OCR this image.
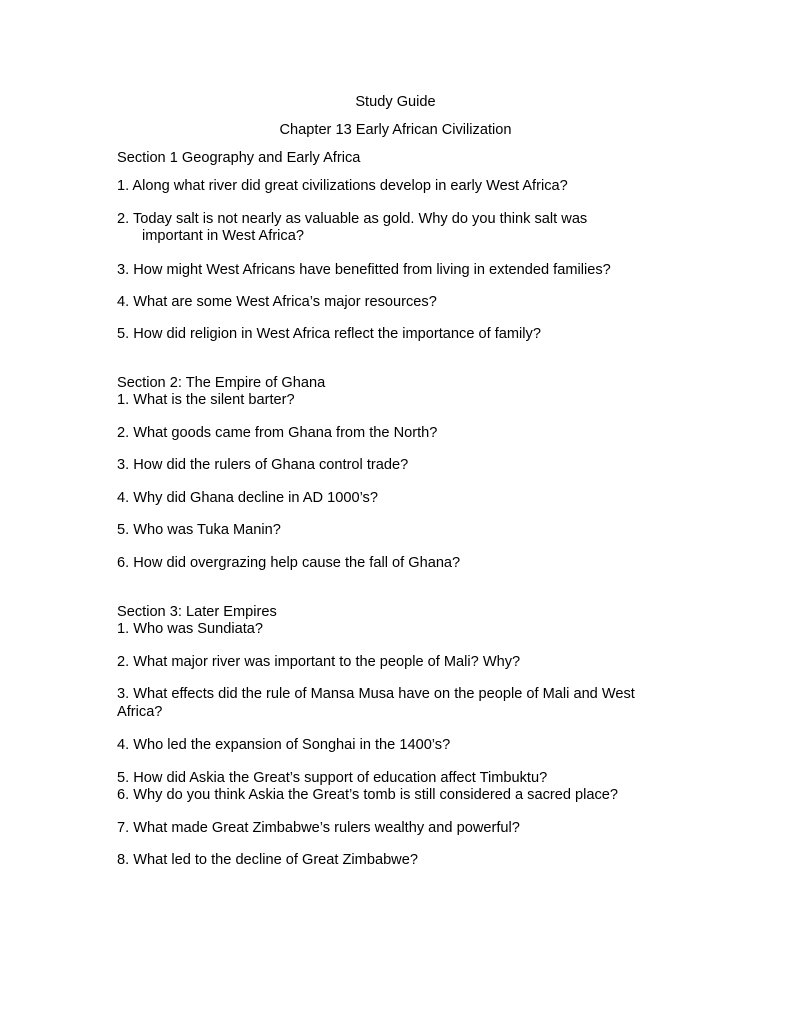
Study Guide
Chapter 13 Early African Civilization
Section 1 Geography and Early Africa
1. Along what river did great civilizations develop in early West Africa?
2. Today salt is not nearly as valuable as gold. Why do you think salt was
important in West Africa?
3. How might West Africans have benefitted from living in extended families?
4. What are some West Africa’s major resources?
5. How did religion in West Africa reflect the importance of family?
Section 2: The Empire of Ghana
1. What is the silent barter?
2. What goods came from Ghana from the North?
3. How did the rulers of Ghana control trade?
4. Why did Ghana decline in AD 1000’s?
5. Who was Tuka Manin?
6. How did overgrazing help cause the fall of Ghana?
Section 3: Later Empires
1. Who was Sundiata?
2. What major river was important to the people of Mali? Why?
3. What effects did the rule of Mansa Musa have on the people of Mali and West
Africa?
4. Who led the expansion of Songhai in the 1400’s?
5. How did Askia the Great’s support of education affect Timbuktu?
6. Why do you think Askia the Great’s tomb is still considered a sacred place?
7. What made Great Zimbabwe’s rulers wealthy and powerful?
8. What led to the decline of Great Zimbabwe?
